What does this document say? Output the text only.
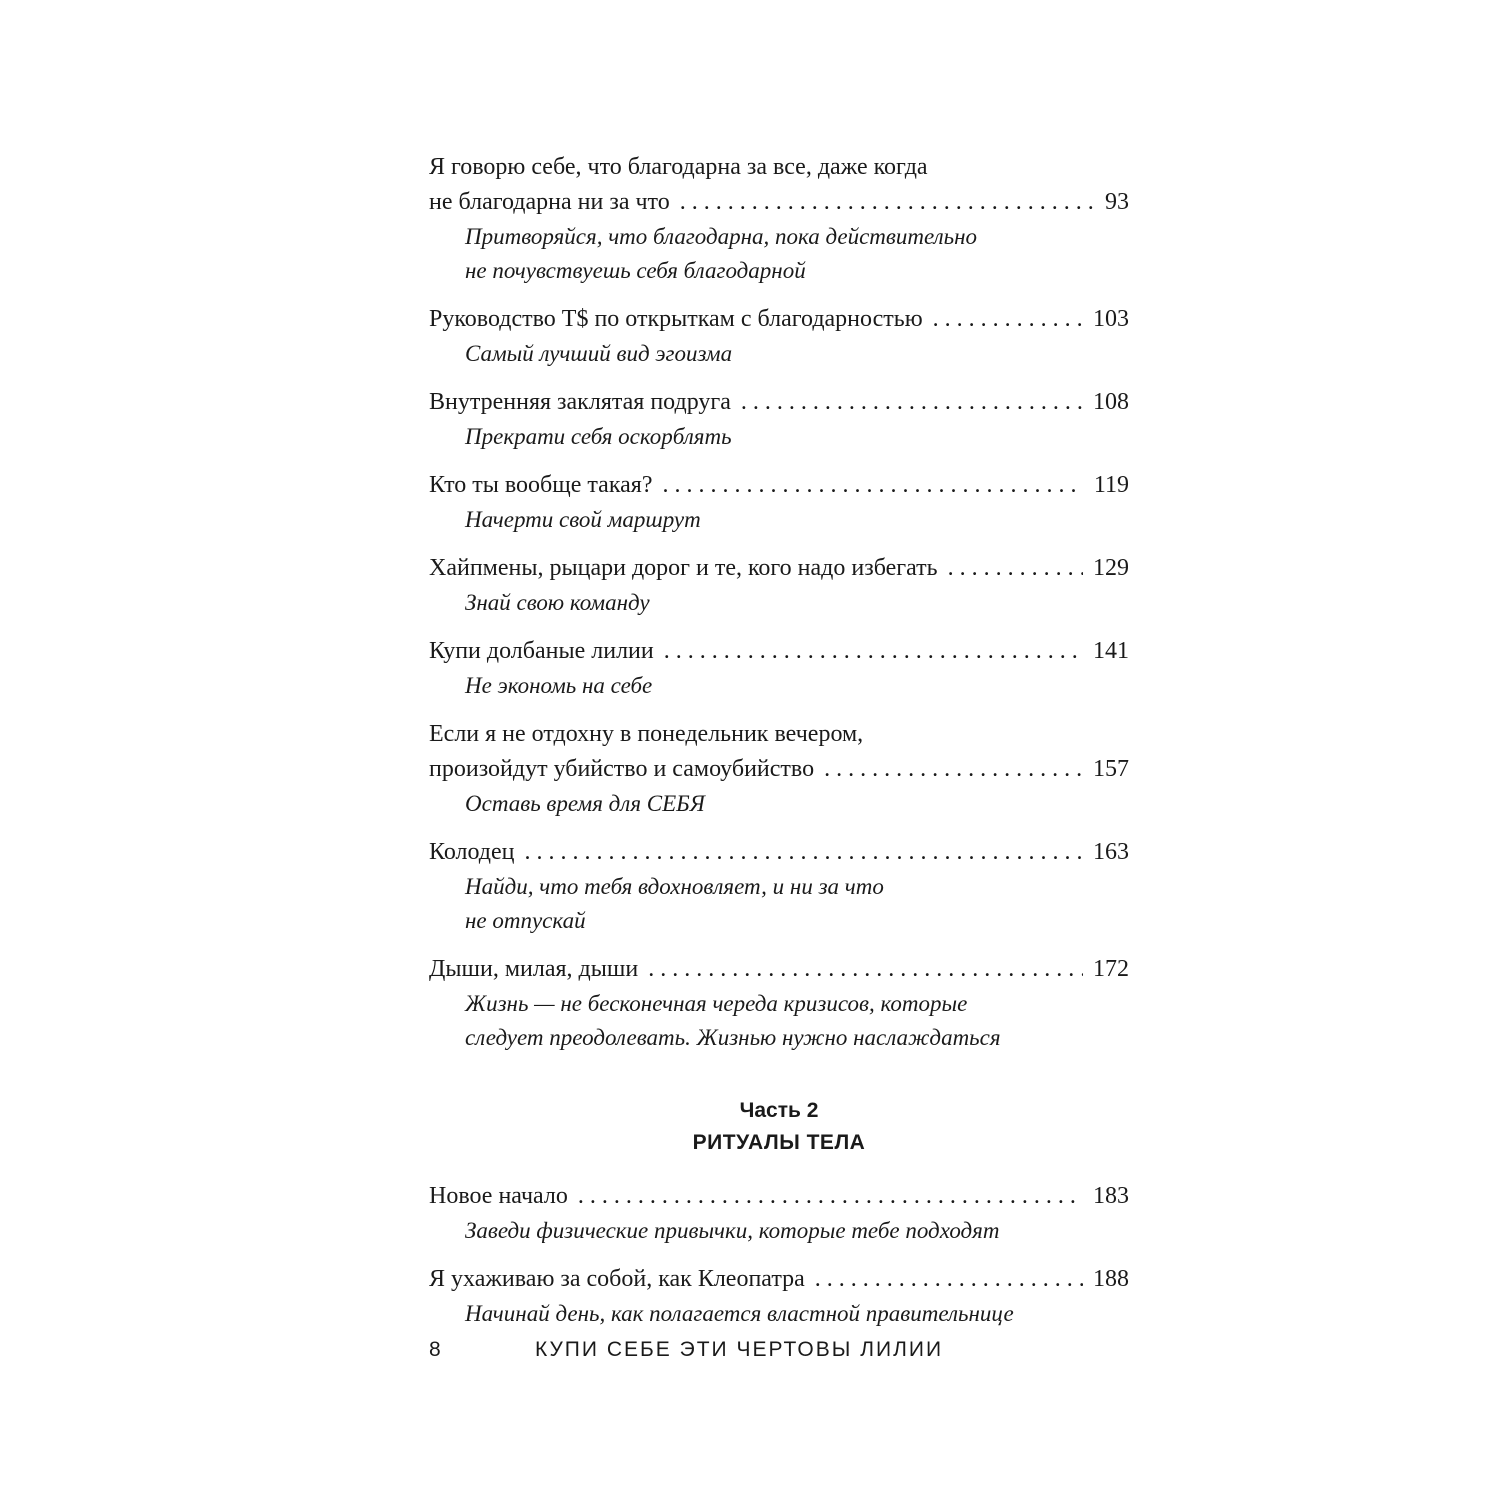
Я говорю себе, что благодарна за все, даже когда
не благодарна ни за что . . .	93
Притворяйся, что благодарна, пока действительно
не почувствуешь себя благодарной
Руководство T$ по открыткам с благодарностью . . .	103
Самый лучший вид эгоизма
Внутренняя заклятая подруга . . .	108
Прекрати себя оскорблять
Кто ты вообще такая? . . .	119
Начерти свой маршрут
Хайпмены, рыцари дорог и те, кого надо избегать . . .	129
Знай свою команду
Купи долбаные лилии . . .	141
Не экономь на себе
Если я не отдохну в понедельник вечером,
произойдут убийство и самоубийство . . .	157
Оставь время для СЕБЯ
Колодец . . .	163
Найди, что тебя вдохновляет, и ни за что
не отпускай
Дыши, милая, дыши . . .	172
Жизнь — не бесконечная череда кризисов, которые
следует преодолевать. Жизнью нужно наслаждаться
Часть 2
РИТУАЛЫ ТЕЛА
Новое начало . . .	183
Заведи физические привычки, которые тебе подходят
Я ухаживаю за собой, как Клеопатра . . .	188
Начинай день, как полагается властной правительнице
8	КУПИ СЕБЕ ЭТИ ЧЕРТОВЫ ЛИЛИИ
